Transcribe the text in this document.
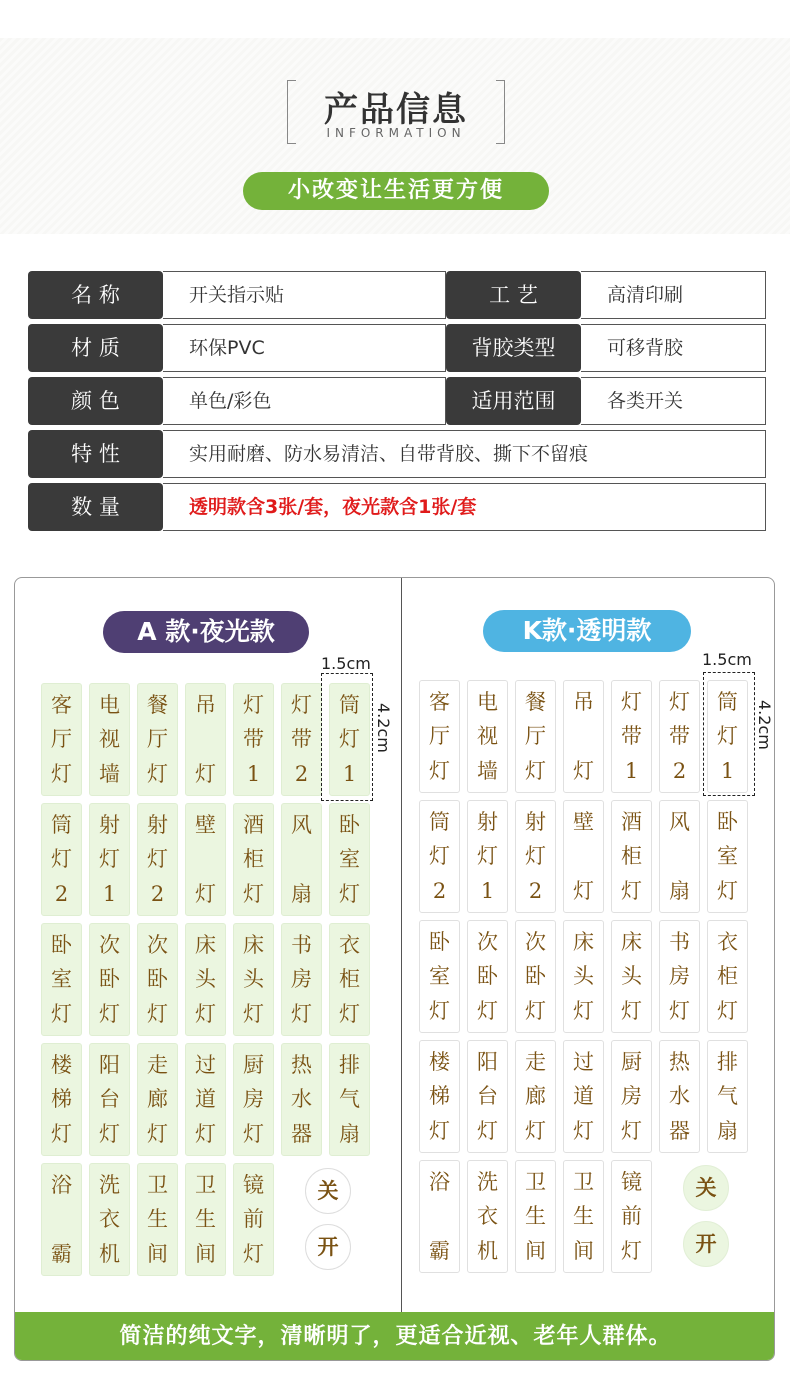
产品信息
INFORMATION
小改变让生活更方便
名 称	开关指示贴	工 艺	高清印刷
材 质	环保PVC	背胶类型	可移背胶
颜 色	单色/彩色	适用范围	各类开关
特 性	实用耐磨、防水易清洁、自带背胶、撕下不留痕
数 量	透明款含3张/套，夜光款含1张/套
A 款·夜光款	K款·透明款
客
厅
灯
电
视
墙
餐
厅
灯
吊
灯
灯
带
1
灯
带
2
筒
灯
1
筒
灯
2
射
灯
1
射
灯
2
壁
灯
酒
柜
灯
风
扇
卧
室
灯
卧
室
灯
次
卧
灯
次
卧
灯
床
头
灯
床
头
灯
书
房
灯
衣
柜
灯
楼
梯
灯
阳
台
灯
走
廊
灯
过
道
灯
厨
房
灯
热
水
器
排
气
扇
浴
霸
洗
衣
机
卫
生
间
卫
生
间
镜
前
灯
关
开
客
厅
灯
电
视
墙
餐
厅
灯
吊
灯
灯
带
1
灯
带
2
筒
灯
1
筒
灯
2
射
灯
1
射
灯
2
壁
灯
酒
柜
灯
风
扇
卧
室
灯
卧
室
灯
次
卧
灯
次
卧
灯
床
头
灯
床
头
灯
书
房
灯
衣
柜
灯
楼
梯
灯
阳
台
灯
走
廊
灯
过
道
灯
厨
房
灯
热
水
器
排
气
扇
浴
霸
洗
衣
机
卫
生
间
卫
生
间
镜
前
灯
关
开
1.5cm
4.2cm
1.5cm
4.2cm
简洁的纯文字，清晰明了，更适合近视、老年人群体。
